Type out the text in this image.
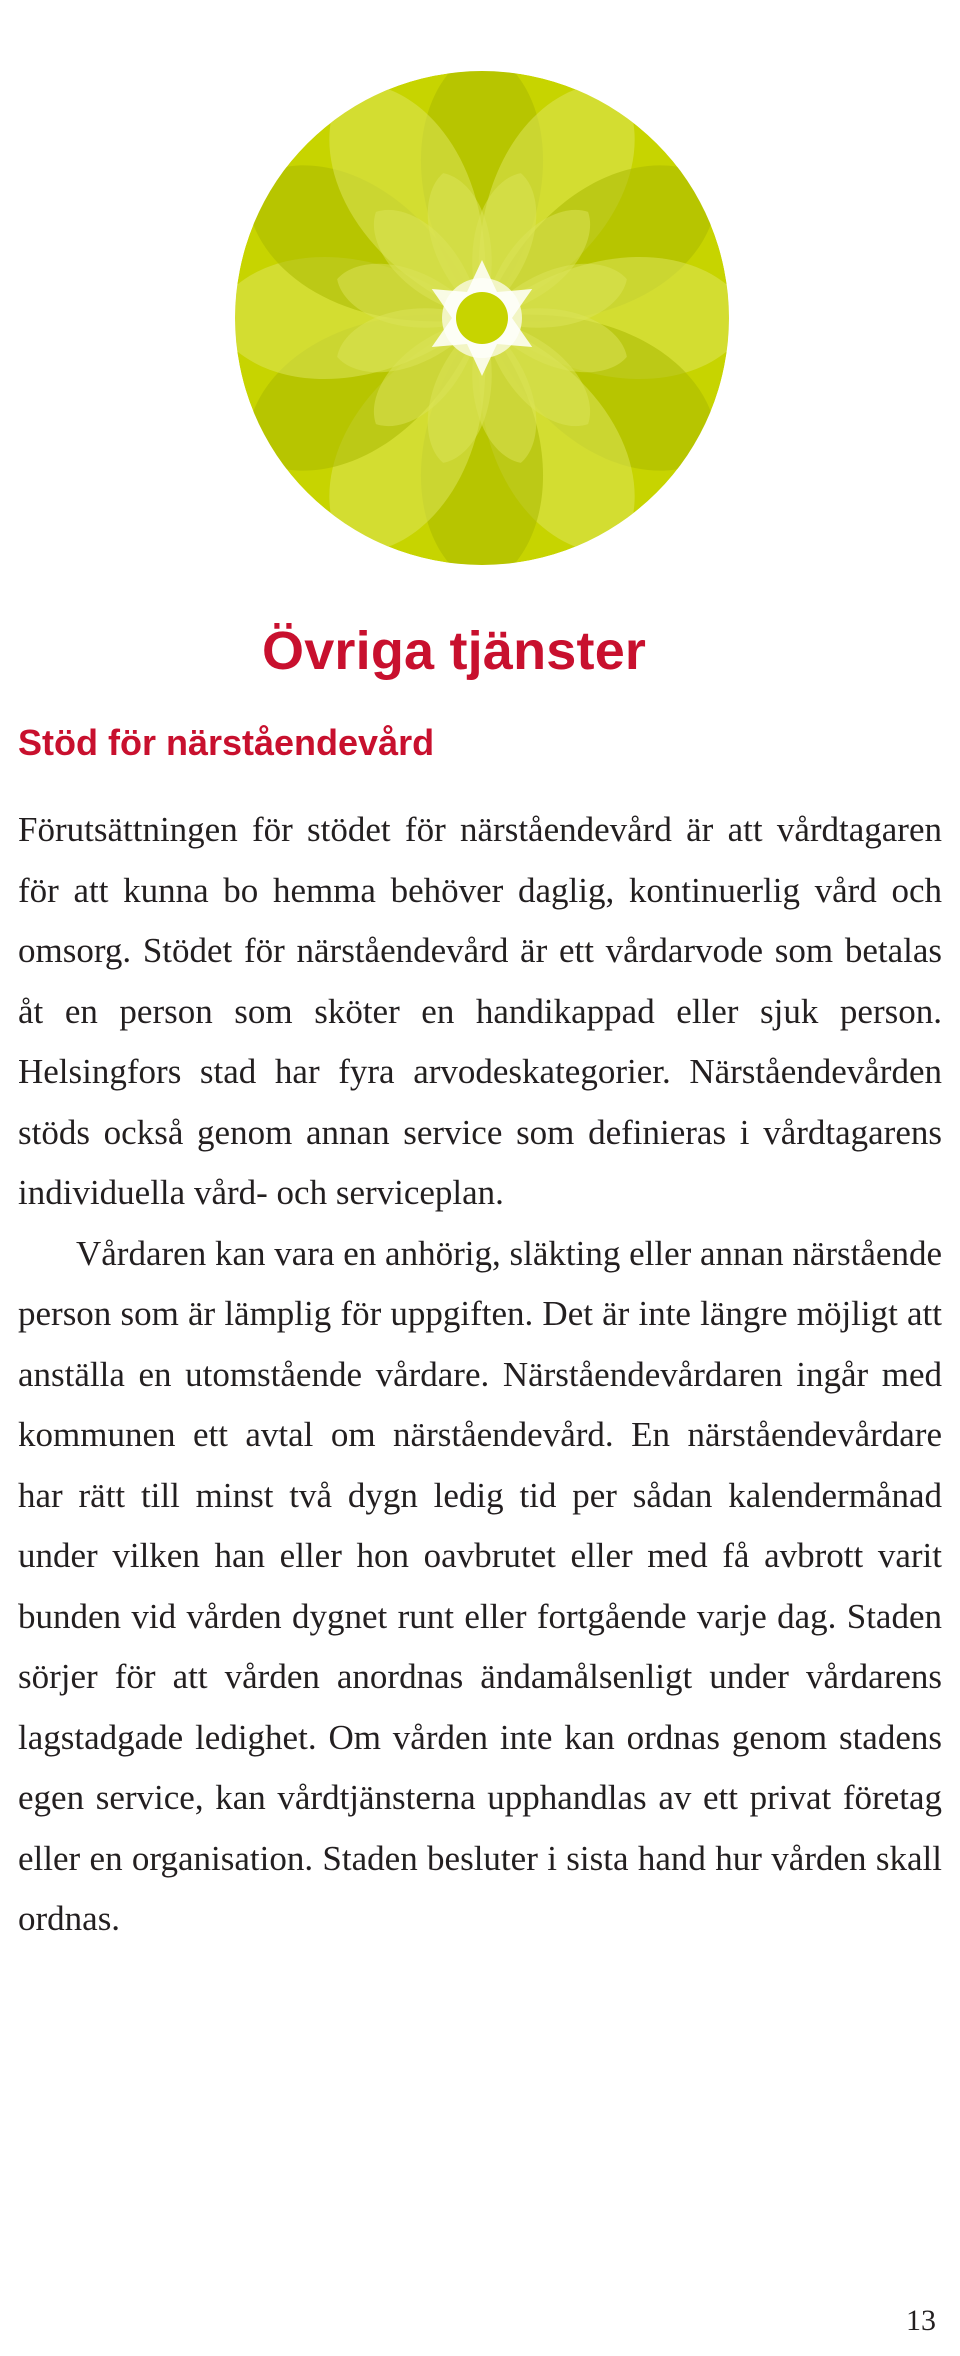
Övriga tjänster
Stöd för närståendevård

Förutsättningen för stödet för närståendevård är att vårdtagaren för att kunna bo hemma behöver daglig, kontinuerlig vård och omsorg. Stödet för närståendevård är ett vårdarvode som betalas åt en person som sköter en handikappad eller sjuk person. Helsingfors stad har fyra arvodeskategorier. Närståendevården stöds också genom annan service som definieras i vårdtagarens individuella vård- och serviceplan.

Vårdaren kan vara en anhörig, släkting eller annan närstående person som är lämplig för uppgiften. Det är inte längre möjligt att anställa en utomstående vårdare. Närståendevårdaren ingår med kommunen ett avtal om närståendevård. En närståendevårdare har rätt till minst två dygn ledig tid per sådan kalendermånad under vilken han eller hon oavbrutet eller med få avbrott varit bunden vid vården dygnet runt eller fortgående varje dag. Staden sörjer för att vården anordnas ändamålsenligt under vårdarens lagstadgade ledighet. Om vården inte kan ordnas genom stadens egen service, kan vårdtjänsterna upphandlas av ett privat företag eller en organisation. Staden besluter i sista hand hur vården skall ordnas.

13
